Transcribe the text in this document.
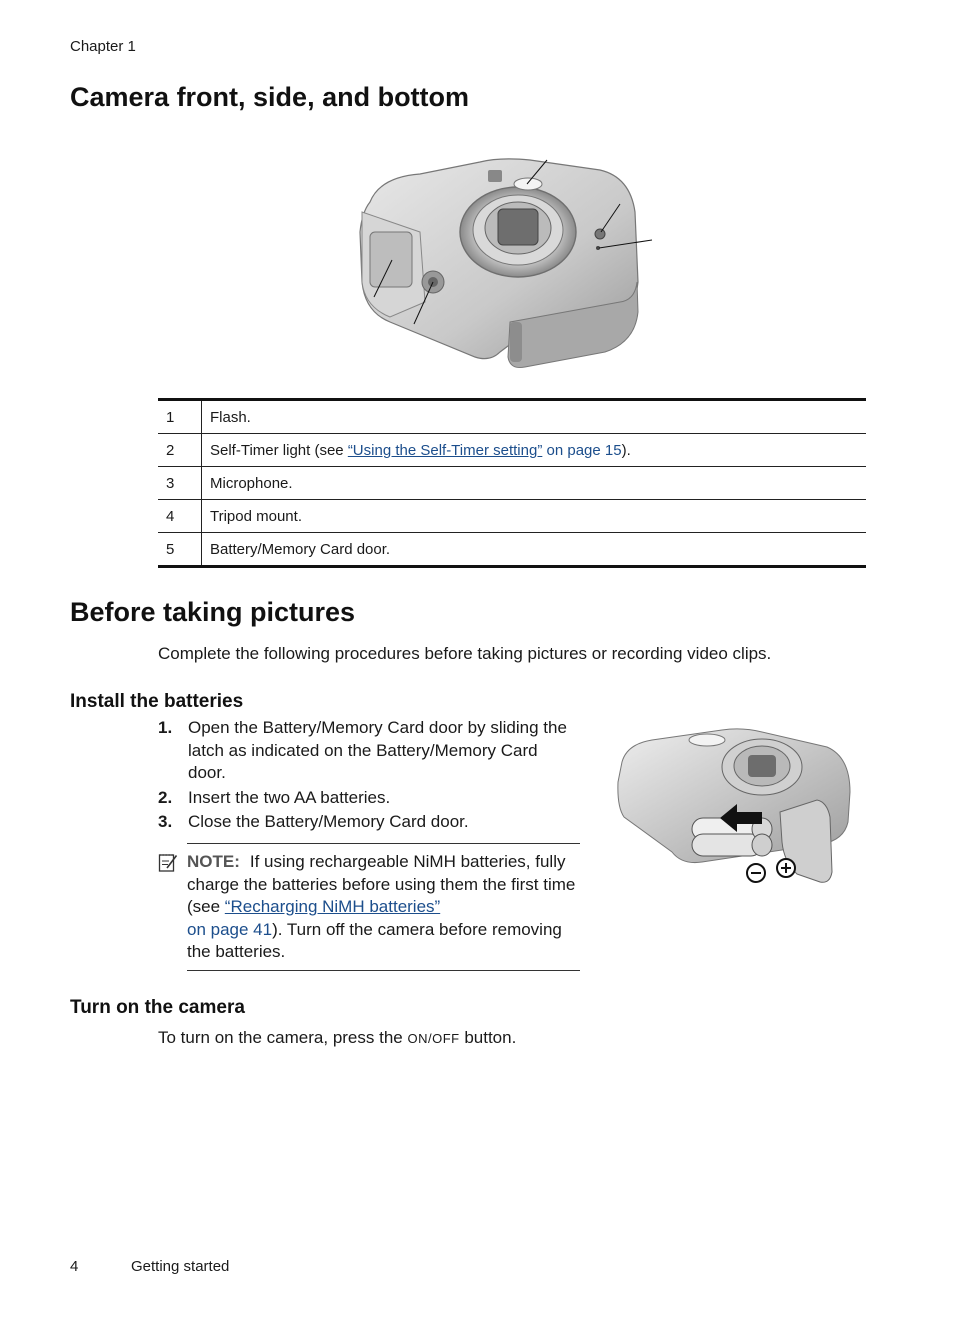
Chapter 1
Camera front, side, and bottom
1	Flash.
2	Self-Timer light (see “Using the Self-Timer setting” on page 15).
3	Microphone.
4	Tripod mount.
5	Battery/Memory Card door.
Before taking pictures
Complete the following procedures before taking pictures or recording video clips.
Install the batteries
1. Open the Battery/Memory Card door by sliding the latch as indicated on the Battery/Memory Card door.
2. Insert the two AA batteries.
3. Close the Battery/Memory Card door.
NOTE: If using rechargeable NiMH batteries, fully charge the batteries before using them the first time (see “Recharging NiMH batteries”
on page 41). Turn off the camera before removing the batteries.
Turn on the camera
To turn on the camera, press the ON/OFF button.
4	Getting started
